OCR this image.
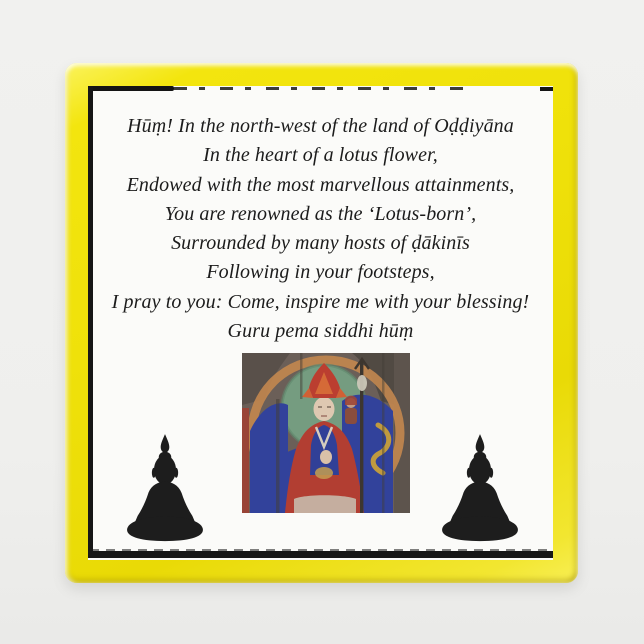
Hūṃ! In the north-west of the land of Oḍḍiyāna

In the heart of a lotus flower,

Endowed with the most marvellous attainments,

You are renowned as the ‘Lotus-born’,

Surrounded by many hosts of ḍākinīs

Following in your footsteps,

I pray to you: Come, inspire me with your blessing!

Guru pema siddhi hūṃ
